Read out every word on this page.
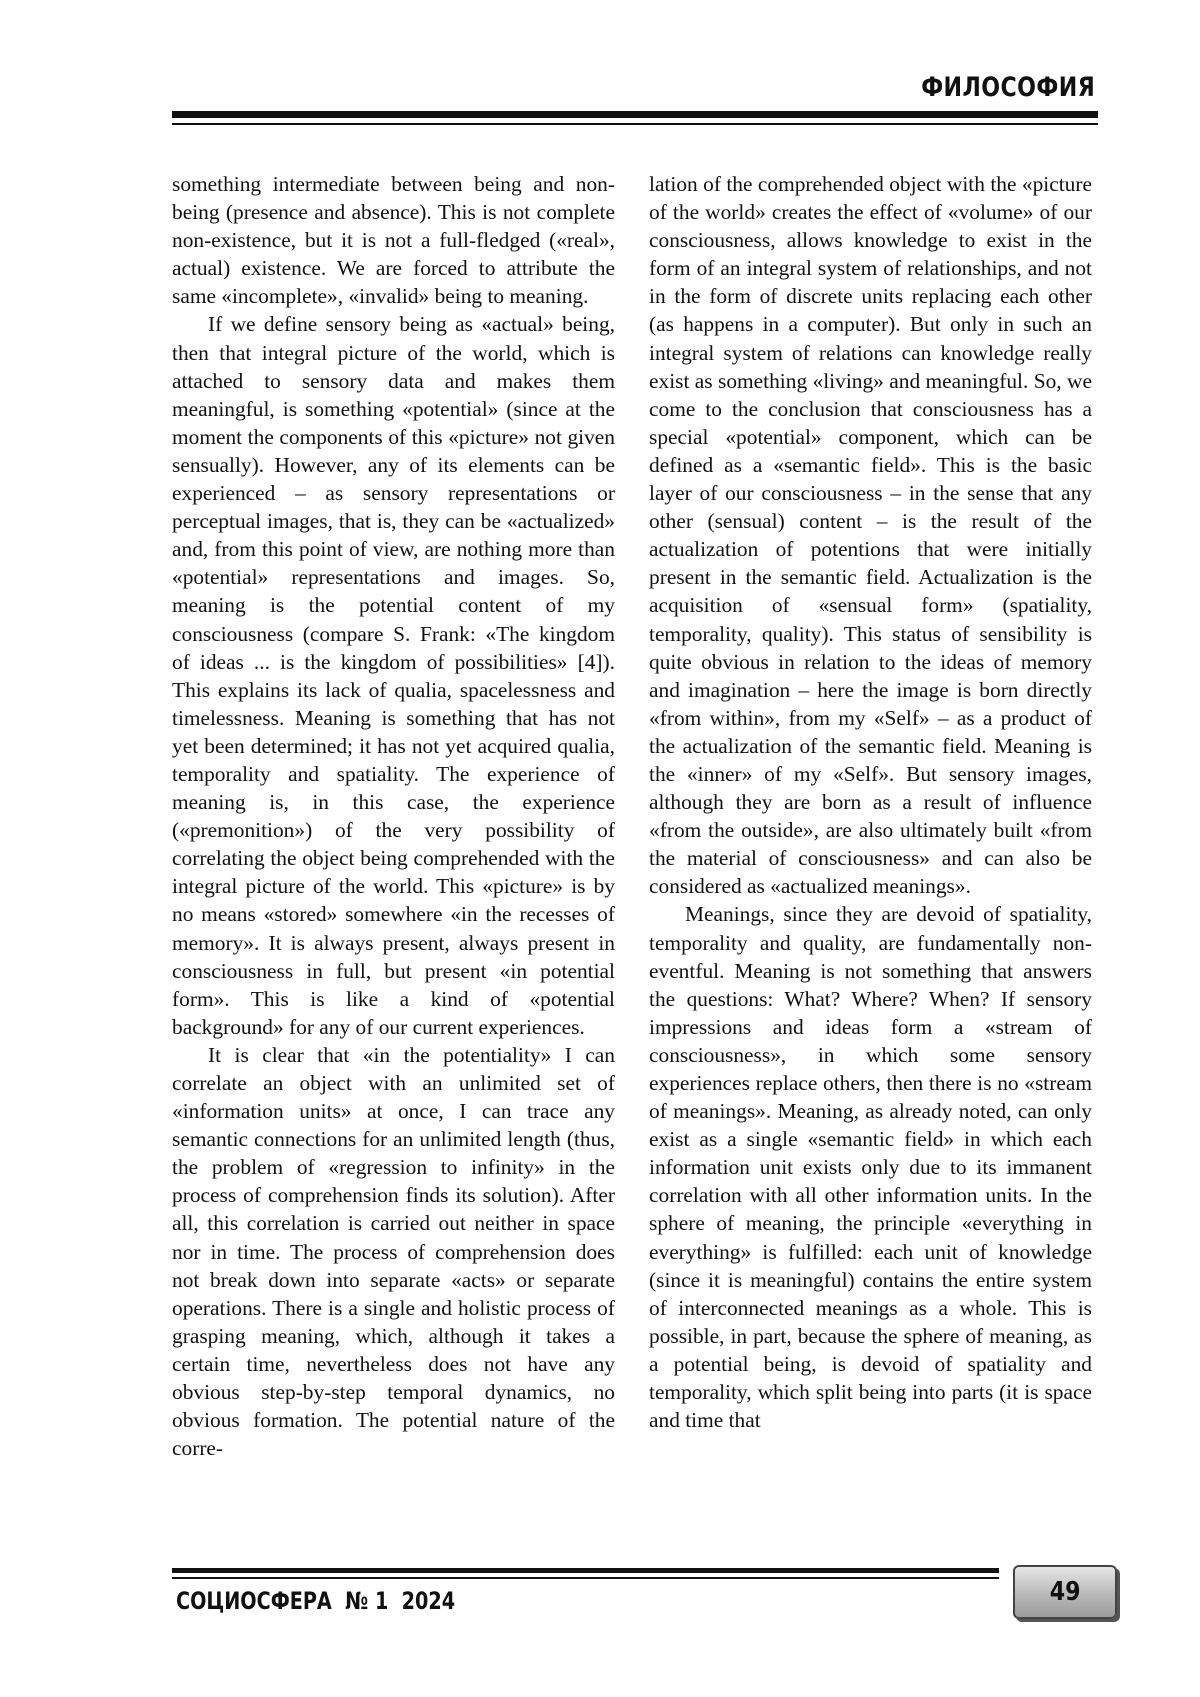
ФИЛОСОФИЯ

something intermediate between being and non-being (presence and absence). This is not complete non-existence, but it is not a full-fledged («real», actual) existence. We are forced to attribute the same «incomplete», «invalid» being to meaning.

If we define sensory being as «actual» being, then that integral picture of the world, which is attached to sensory data and makes them meaningful, is something «potential» (since at the moment the components of this «picture» not given sensually). However, any of its elements can be experienced – as sensory representations or perceptual images, that is, they can be «actualized» and, from this point of view, are nothing more than «potential» representations and images. So, meaning is the potential content of my consciousness (compare S. Frank: «The kingdom of ideas ... is the kingdom of possibilities» [4]). This explains its lack of qualia, spacelessness and timelessness. Meaning is something that has not yet been determined; it has not yet acquired qualia, temporality and spatiality. The experience of meaning is, in this case, the experience («premonition») of the very possibility of correlating the object being comprehended with the integral picture of the world. This «picture» is by no means «stored» somewhere «in the recesses of memory». It is always present, always present in consciousness in full, but present «in potential form». This is like a kind of «potential background» for any of our current experiences.

It is clear that «in the potentiality» I can correlate an object with an unlimited set of «information units» at once, I can trace any semantic connections for an unlimited length (thus, the problem of «regression to infinity» in the process of comprehension finds its solution). After all, this correlation is carried out neither in space nor in time. The process of comprehension does not break down into separate «acts» or separate operations. There is a single and holistic process of grasping meaning, which, although it takes a certain time, nevertheless does not have any obvious step-by-step temporal dynamics, no obvious formation. The potential nature of the corre-

lation of the comprehended object with the «picture of the world» creates the effect of «volume» of our consciousness, allows knowledge to exist in the form of an integral system of relationships, and not in the form of discrete units replacing each other (as happens in a computer). But only in such an integral system of relations can knowledge really exist as something «living» and meaningful. So, we come to the conclusion that consciousness has a special «potential» component, which can be defined as a «semantic field». This is the basic layer of our consciousness – in the sense that any other (sensual) content – is the result of the actualization of potentions that were initially present in the semantic field. Actualization is the acquisition of «sensual form» (spatiality, temporality, quality). This status of sensibility is quite obvious in relation to the ideas of memory and imagination – here the image is born directly «from within», from my «Self» – as a product of the actualization of the semantic field. Meaning is the «inner» of my «Self». But sensory images, although they are born as a result of influence «from the outside», are also ultimately built «from the material of consciousness» and can also be considered as «actualized meanings».

Meanings, since they are devoid of spatiality, temporality and quality, are fundamentally non-eventful. Meaning is not something that answers the questions: What? Where? When? If sensory impressions and ideas form a «stream of consciousness», in which some sensory experiences replace others, then there is no «stream of meanings». Meaning, as already noted, can only exist as a single «semantic field» in which each information unit exists only due to its immanent correlation with all other information units. In the sphere of meaning, the principle «everything in everything» is fulfilled: each unit of knowledge (since it is meaningful) contains the entire system of interconnected meanings as a whole. This is possible, in part, because the sphere of meaning, as a potential being, is devoid of spatiality and temporality, which split being into parts (it is space and time that

СОЦИОСФЕРА  № 1  2024	49
